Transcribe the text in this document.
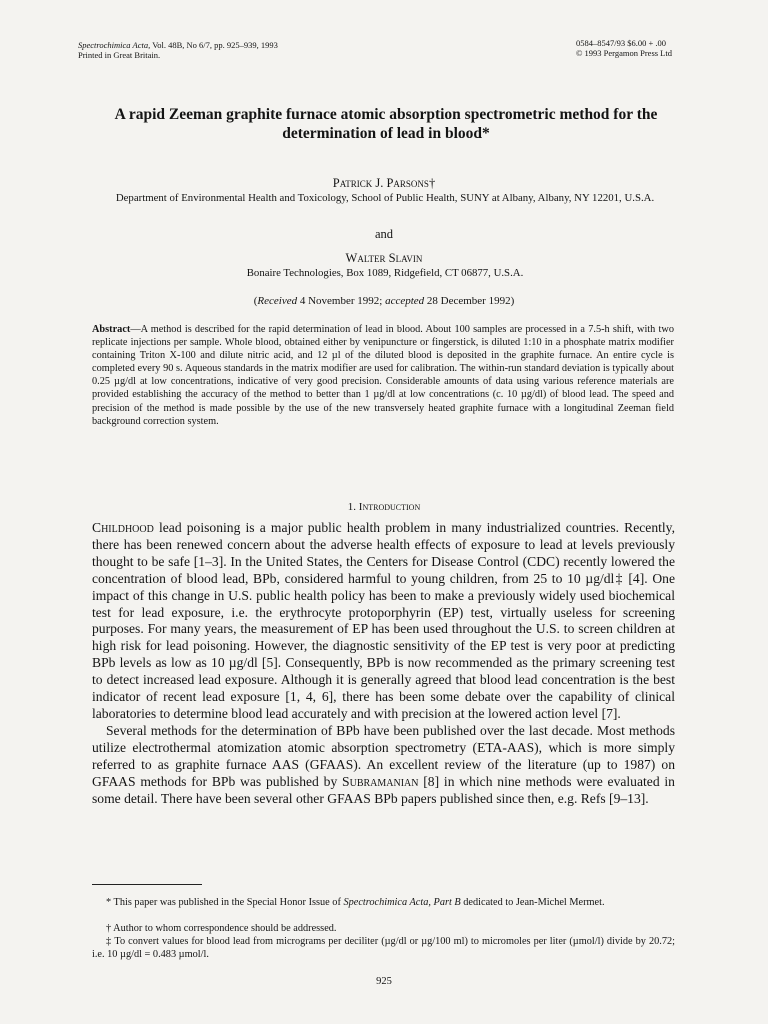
Spectrochimica Acta, Vol. 48B, No 6/7, pp. 925–939, 1993
Printed in Great Britain.
0584–8547/93 $6.00 + .00
© 1993 Pergamon Press Ltd
A rapid Zeeman graphite furnace atomic absorption spectrometric method for the determination of lead in blood*
Patrick J. Parsons†
Department of Environmental Health and Toxicology, School of Public Health, SUNY at Albany, Albany, NY 12201, U.S.A.
and
Walter Slavin
Bonaire Technologies, Box 1089, Ridgefield, CT 06877, U.S.A.
(Received 4 November 1992; accepted 28 December 1992)
Abstract—A method is described for the rapid determination of lead in blood. About 100 samples are processed in a 7.5-h shift, with two replicate injections per sample. Whole blood, obtained either by venipuncture or fingerstick, is diluted 1:10 in a phosphate matrix modifier containing Triton X-100 and dilute nitric acid, and 12 µl of the diluted blood is deposited in the graphite furnace. An entire cycle is completed every 90 s. Aqueous standards in the matrix modifier are used for calibration. The within-run standard deviation is typically about 0.25 µg/dl at low concentrations, indicative of very good precision. Considerable amounts of data using various reference materials are provided establishing the accuracy of the method to better than 1 µg/dl at low concentrations (c. 10 µg/dl) of blood lead. The speed and precision of the method is made possible by the use of the new transversely heated graphite furnace with a longitudinal Zeeman field background correction system.
1. Introduction

Childhood lead poisoning is a major public health problem in many industrialized countries. Recently, there has been renewed concern about the adverse health effects of exposure to lead at levels previously thought to be safe [1–3]. In the United States, the Centers for Disease Control (CDC) recently lowered the concentration of blood lead, BPb, considered harmful to young children, from 25 to 10 µg/dl‡ [4]. One impact of this change in U.S. public health policy has been to make a previously widely used biochemical test for lead exposure, i.e. the erythrocyte protoporphyrin (EP) test, virtually useless for screening purposes. For many years, the measurement of EP has been used throughout the U.S. to screen children at high risk for lead poisoning. However, the diagnostic sensitivity of the EP test is very poor at predicting BPb levels as low as 10 µg/dl [5]. Consequently, BPb is now recommended as the primary screening test to detect increased lead exposure. Although it is generally agreed that blood lead concentration is the best indicator of recent lead exposure [1, 4, 6], there has been some debate over the capability of clinical laboratories to determine blood lead accurately and with precision at the lowered action level [7].

Several methods for the determination of BPb have been published over the last decade. Most methods utilize electrothermal atomization atomic absorption spectrometry (ETA-AAS), which is more simply referred to as graphite furnace AAS (GFAAS). An excellent review of the literature (up to 1987) on GFAAS methods for BPb was published by Subramanian [8] in which nine methods were evaluated in some detail. There have been several other GFAAS BPb papers published since then, e.g. Refs [9–13].

* This paper was published in the Special Honor Issue of Spectrochimica Acta, Part B dedicated to Jean-Michel Mermet.
† Author to whom correspondence should be addressed.
‡ To convert values for blood lead from micrograms per deciliter (µg/dl or µg/100 ml) to micromoles per liter (µmol/l) divide by 20.72; i.e. 10 µg/dl = 0.483 µmol/l.
925
